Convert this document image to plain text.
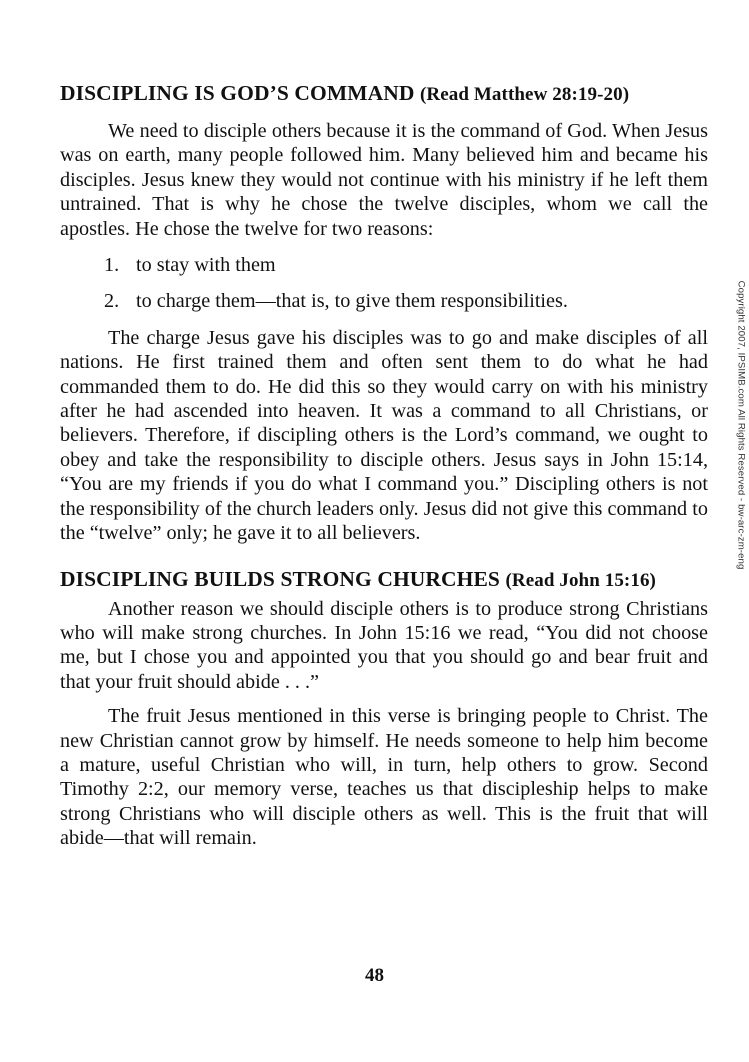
DISCIPLING IS GOD’S COMMAND (Read Matthew 28:19-20)

We need to disciple others because it is the command of God. When Jesus was on earth, many people followed him. Many believed him and became his disciples. Jesus knew they would not continue with his ministry if he left them untrained. That is why he chose the twelve disciples, whom we call the apostles. He chose the twelve for two reasons:

1. to stay with them
2. to charge them—that is, to give them responsibilities.

The charge Jesus gave his disciples was to go and make disciples of all nations. He first trained them and often sent them to do what he had commanded them to do. He did this so they would carry on with his ministry after he had ascended into heaven. It was a command to all Christians, or believers. Therefore, if discipling others is the Lord’s command, we ought to obey and take the responsibility to disciple others. Jesus says in John 15:14, “You are my friends if you do what I command you.” Discipling others is not the responsibility of the church leaders only. Jesus did not give this command to the “twelve” only; he gave it to all believers.

DISCIPLING BUILDS STRONG CHURCHES (Read John 15:16)

Another reason we should disciple others is to produce strong Christians who will make strong churches. In John 15:16 we read, “You did not choose me, but I chose you and appointed you that you should go and bear fruit and that your fruit should abide . . .”

The fruit Jesus mentioned in this verse is bringing people to Christ. The new Christian cannot grow by himself. He needs someone to help him become a mature, useful Christian who will, in turn, help others to grow. Second Timothy 2:2, our memory verse, teaches us that discipleship helps to make strong Christians who will disciple others as well. This is the fruit that will abide—that will remain.

48
Copyright 2007, IPSIMB.com All Rights Reserved - bw-arc-zm-eng
